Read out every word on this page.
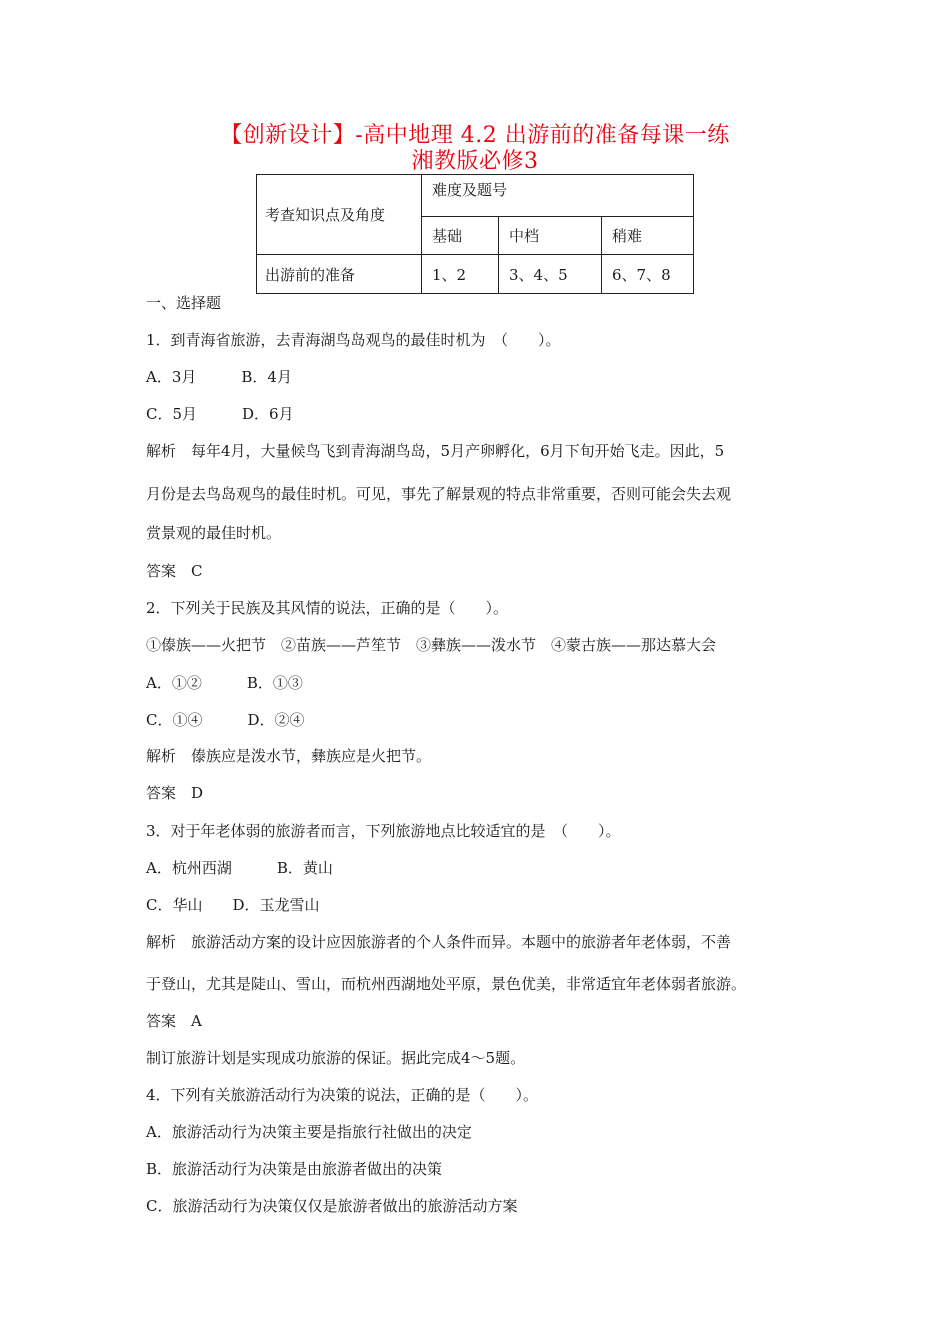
【创新设计】-高中地理 4.2 出游前的准备每课一练
湘教版必修3
考查知识点及角度	难度及题号		
	基础	中档	稍难
出游前的准备	1、2	3、4、5	6、7、8
一、选择题
1．到青海省旅游，去青海湖鸟岛观鸟的最佳时机为　（　　）。
A．3月　　　B．4月
C．5月　　　D．6月
解析　每年4月，大量候鸟飞到青海湖鸟岛，5月产卵孵化，6月下旬开始飞走。因此，5
月份是去鸟岛观鸟的最佳时机。可见，事先了解景观的特点非常重要，否则可能会失去观
赏景观的最佳时机。
答案　C
2．下列关于民族及其风情的说法，正确的是（　　）。
①傣族——火把节　②苗族——芦笙节　③彝族——泼水节　④蒙古族——那达慕大会
A．①②　　　B．①③
C．①④　　　D．②④
解析　傣族应是泼水节，彝族应是火把节。
答案　D
3．对于年老体弱的旅游者而言，下列旅游地点比较适宜的是　（　　）。
A．杭州西湖　　　B．黄山
C．华山　　D．玉龙雪山
解析　旅游活动方案的设计应因旅游者的个人条件而异。本题中的旅游者年老体弱，不善
于登山，尤其是陡山、雪山，而杭州西湖地处平原，景色优美，非常适宜年老体弱者旅游。
答案　A
制订旅游计划是实现成功旅游的保证。据此完成4～5题。
4．下列有关旅游活动行为决策的说法，正确的是（　　）。
A．旅游活动行为决策主要是指旅行社做出的决定
B．旅游活动行为决策是由旅游者做出的决策
C．旅游活动行为决策仅仅是旅游者做出的旅游活动方案
